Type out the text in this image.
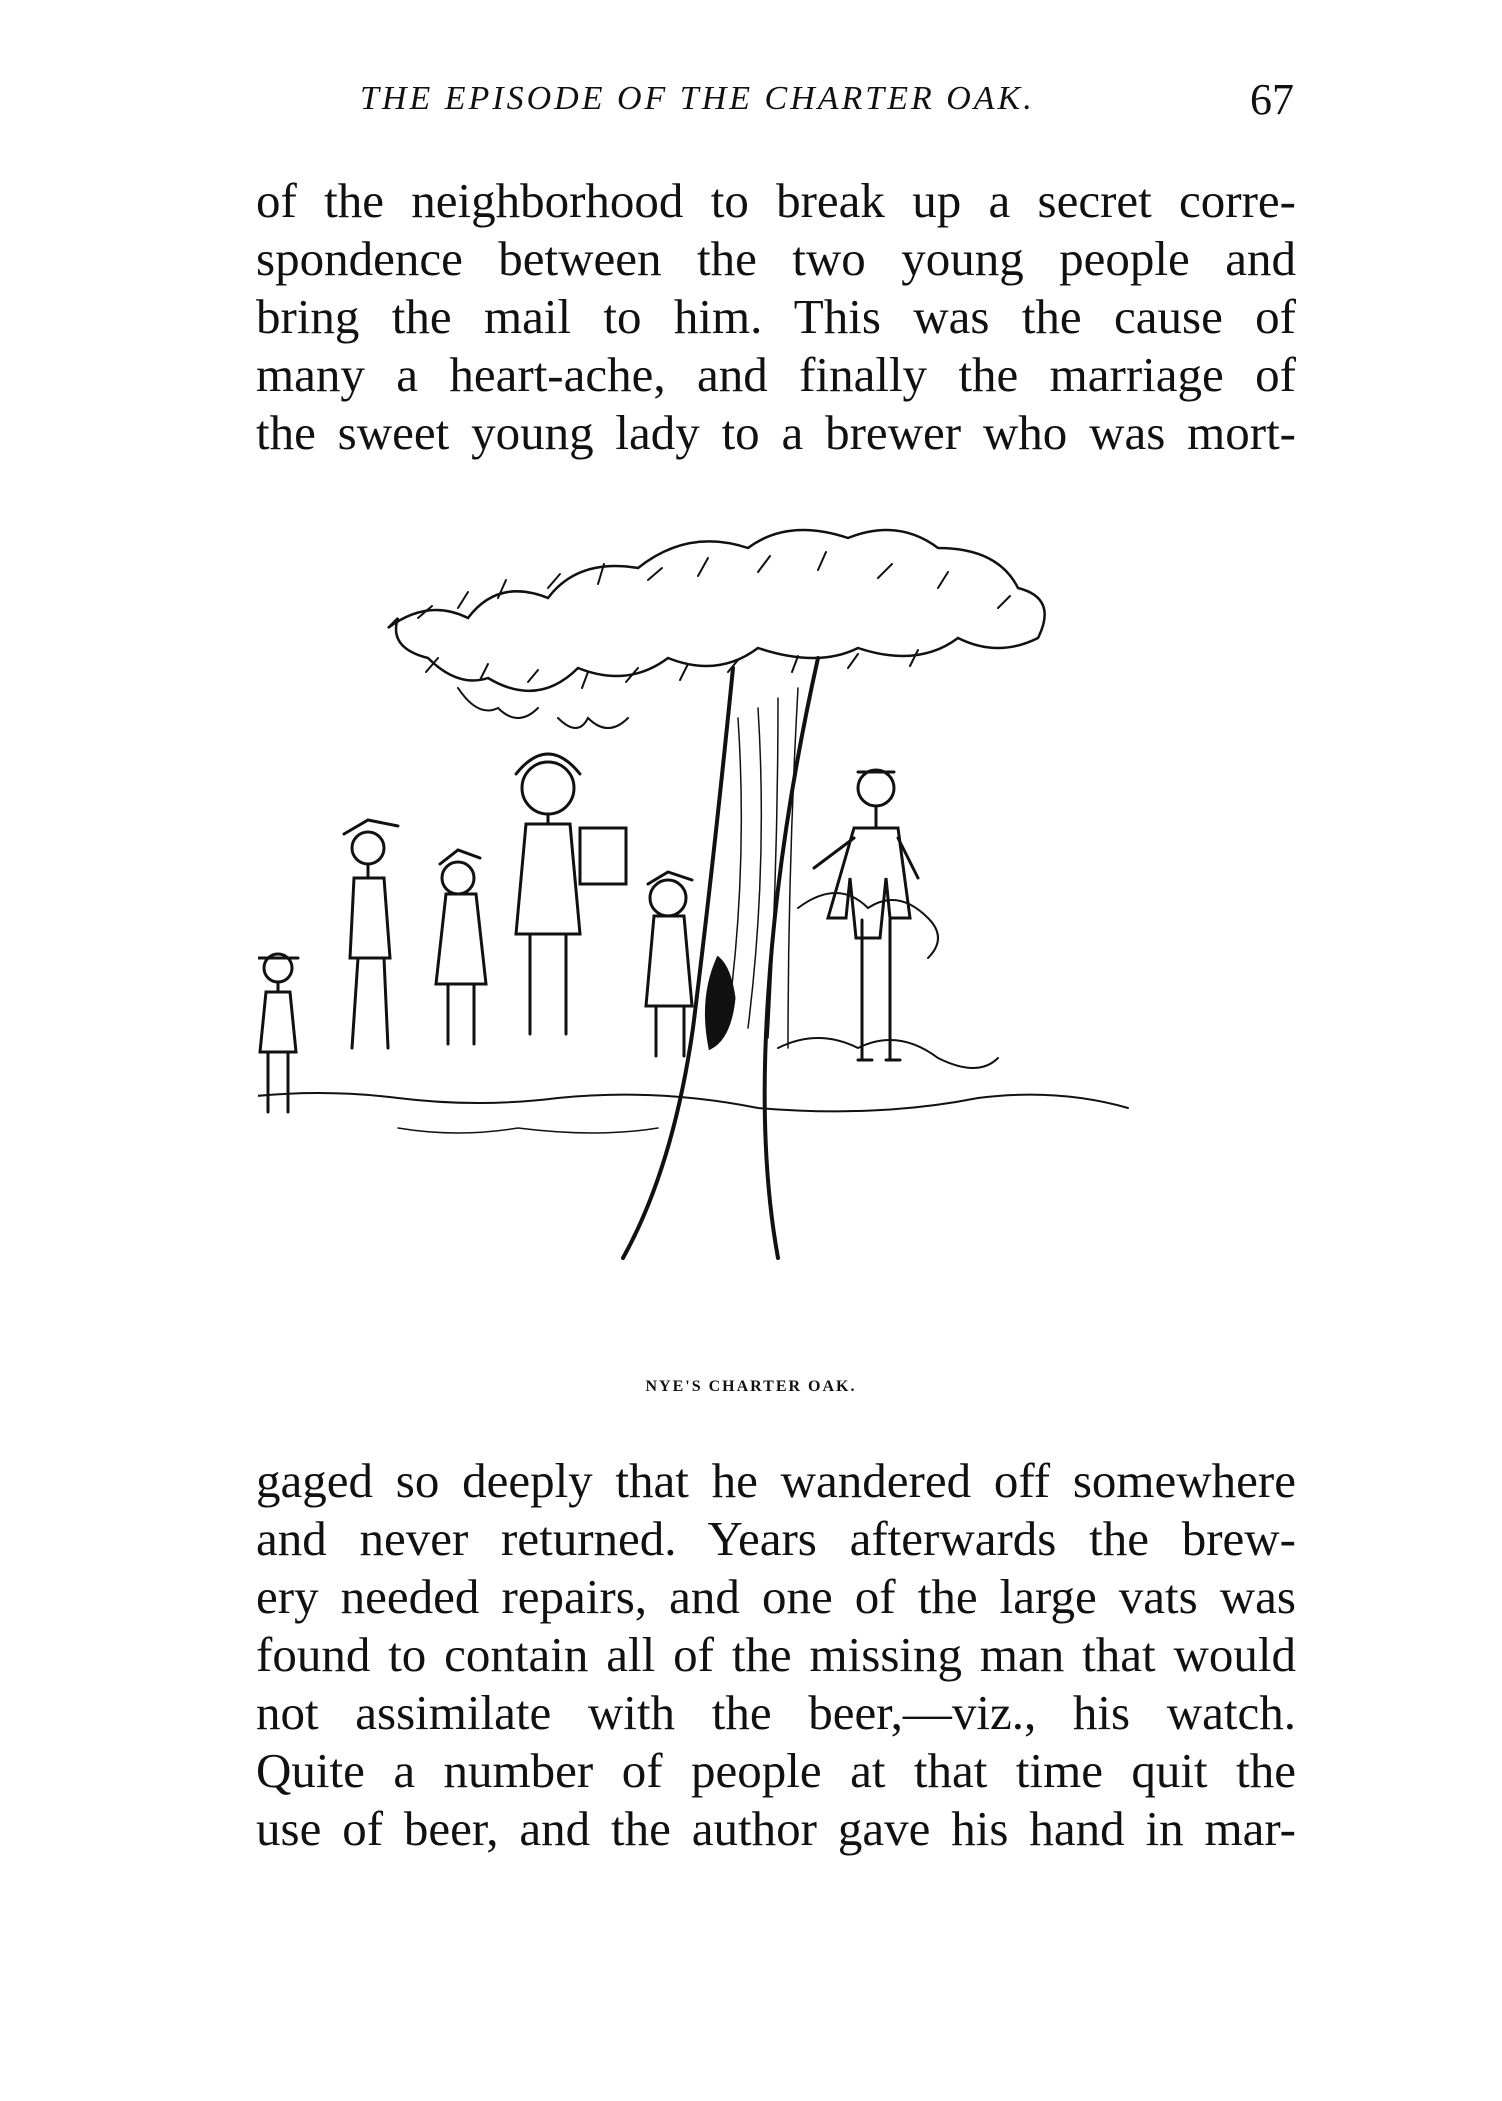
THE EPISODE OF THE CHARTER OAK.	67
of the neighborhood to break up a secret corre-
spondence between the two young people and
bring the mail to him. This was the cause of
many a heart-ache, and finally the marriage of
the sweet young lady to a brewer who was mort-
NYE'S CHARTER OAK.
gaged so deeply that he wandered off somewhere
and never returned. Years afterwards the brew-
ery needed repairs, and one of the large vats was
found to contain all of the missing man that would
not assimilate with the beer,—viz., his watch.
Quite a number of people at that time quit the
use of beer, and the author gave his hand in mar-
